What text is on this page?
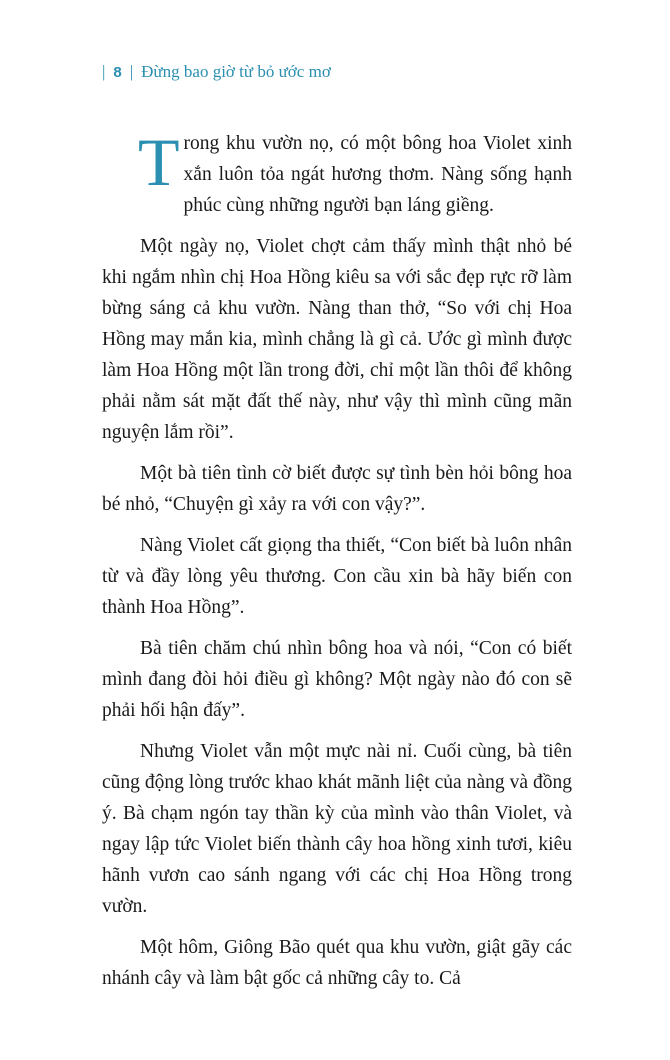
| 8 | Đừng bao giờ từ bỏ ước mơ

Trong khu vườn nọ, có một bông hoa Violet xinh xắn luôn tỏa ngát hương thơm. Nàng sống hạnh phúc cùng những người bạn láng giềng.

Một ngày nọ, Violet chợt cảm thấy mình thật nhỏ bé khi ngắm nhìn chị Hoa Hồng kiêu sa với sắc đẹp rực rỡ làm bừng sáng cả khu vườn. Nàng than thở, “So với chị Hoa Hồng may mắn kia, mình chẳng là gì cả. Ước gì mình được làm Hoa Hồng một lần trong đời, chỉ một lần thôi để không phải nằm sát mặt đất thế này, như vậy thì mình cũng mãn nguyện lắm rồi”.

Một bà tiên tình cờ biết được sự tình bèn hỏi bông hoa bé nhỏ, “Chuyện gì xảy ra với con vậy?”.

Nàng Violet cất giọng tha thiết, “Con biết bà luôn nhân từ và đầy lòng yêu thương. Con cầu xin bà hãy biến con thành Hoa Hồng”.

Bà tiên chăm chú nhìn bông hoa và nói, “Con có biết mình đang đòi hỏi điều gì không? Một ngày nào đó con sẽ phải hối hận đấy”.

Nhưng Violet vẫn một mực nài nỉ. Cuối cùng, bà tiên cũng động lòng trước khao khát mãnh liệt của nàng và đồng ý. Bà chạm ngón tay thần kỳ của mình vào thân Violet, và ngay lập tức Violet biến thành cây hoa hồng xinh tươi, kiêu hãnh vươn cao sánh ngang với các chị Hoa Hồng trong vườn.

Một hôm, Giông Bão quét qua khu vườn, giật gãy các nhánh cây và làm bật gốc cả những cây to. Cả
